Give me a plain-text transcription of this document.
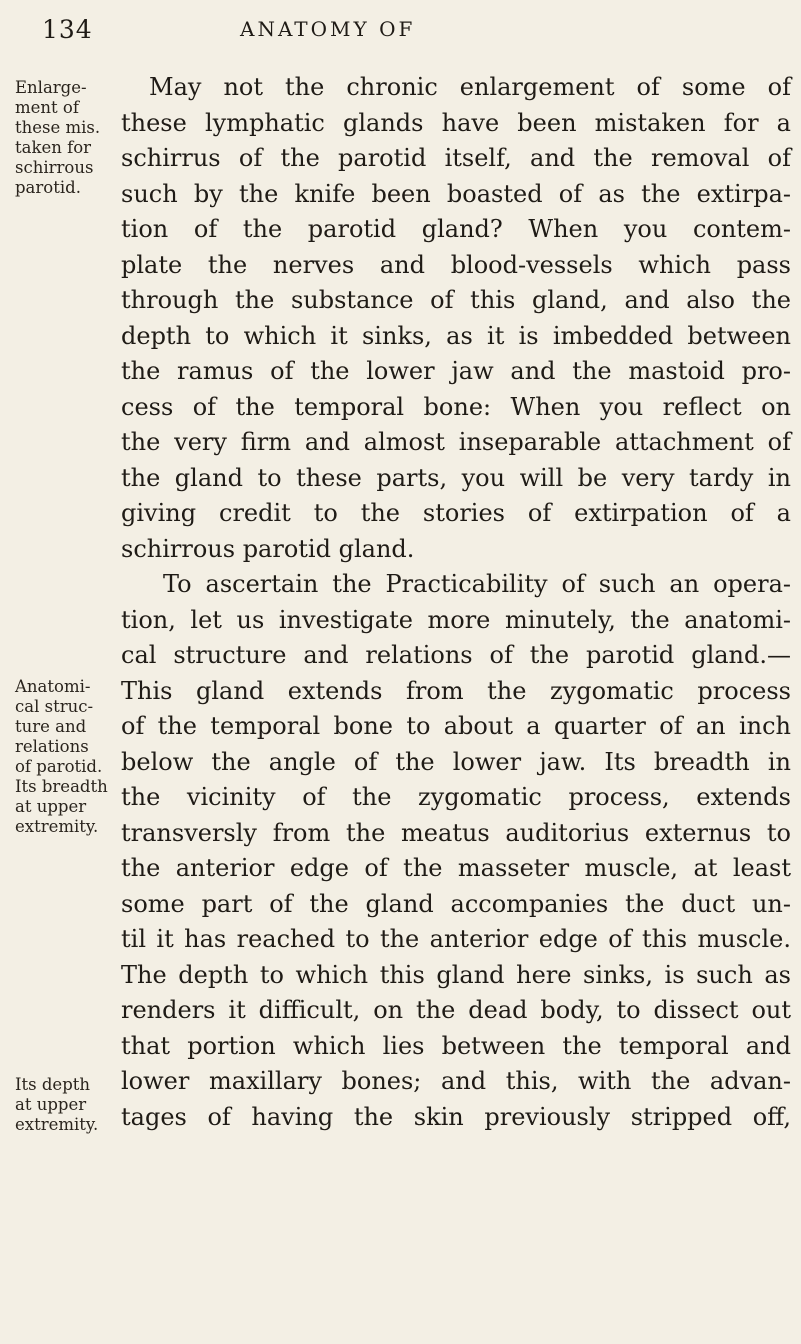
134	ANATOMY OF
Enlarge-
ment of
these mis.
taken for
schirrous
parotid.
Anatomi-
cal struc-
ture and
relations
of parotid.
Its breadth
at upper
extremity.
Its depth
at upper
extremity.
May not the chronic enlargement of some of
these lymphatic glands have been mistaken for a
schirrus of the parotid itself, and the removal of
such by the knife been boasted of as the extirpa-
tion of the parotid gland? When you contem-
plate the nerves and blood-vessels which pass
through the substance of this gland, and also the
depth to which it sinks, as it is imbedded between
the ramus of the lower jaw and the mastoid pro-
cess of the temporal bone: When you reflect on
the very firm and almost inseparable attachment of
the gland to these parts, you will be very tardy in
giving credit to the stories of extirpation of a
schirrous parotid gland.
To ascertain the Practicability of such an opera-
tion, let us investigate more minutely, the anatomi-
cal structure and relations of the parotid gland.—
This gland extends from the zygomatic process
of the temporal bone to about a quarter of an inch
below the angle of the lower jaw. Its breadth in
the vicinity of the zygomatic process, extends
transversly from the meatus auditorius externus to
the anterior edge of the masseter muscle, at least
some part of the gland accompanies the duct un-
til it has reached to the anterior edge of this muscle.
The depth to which this gland here sinks, is such as
renders it difficult, on the dead body, to dissect out
that portion which lies between the temporal and
lower maxillary bones; and this, with the advan-
tages of having the skin previously stripped off,
